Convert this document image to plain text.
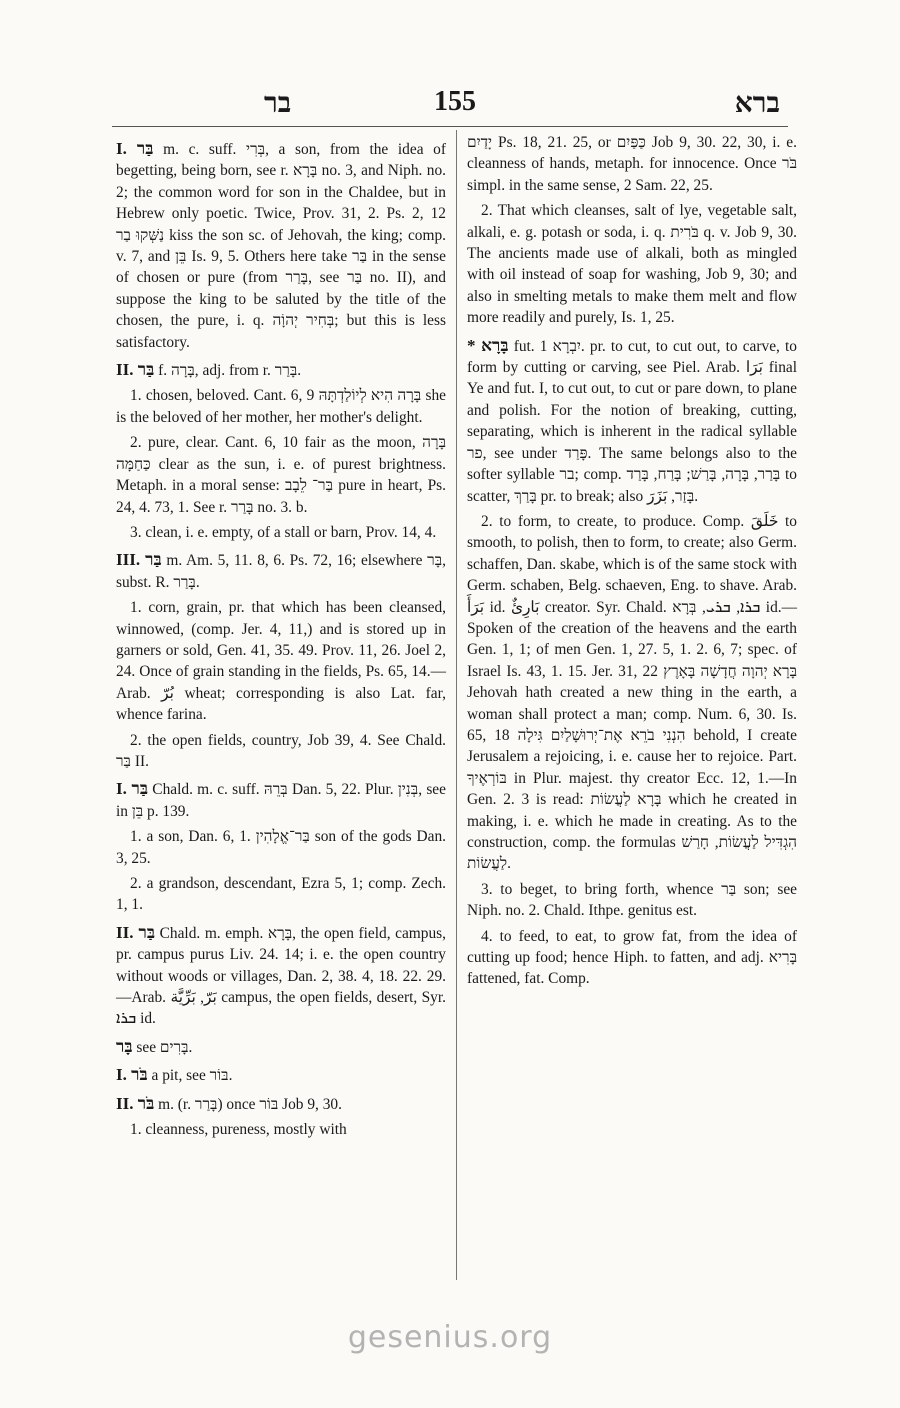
בר	155	ברא

I. בַּר m. c. suff. בְּרִי, a son, from the idea of begetting, being born, see r. בָּרָא no. 3, and Niph. no. 2; the common word for son in the Chaldee, but in Hebrew only poetic. Twice, Prov. 31, 2. Ps. 2, 12 נַשְּׁקוּ בַר kiss the son sc. of Jehovah, the king; comp. v. 7, and בֵּן Is. 9, 5. Others here take בַּר in the sense of chosen or pure (from בָּרַר, see בַּר no. II), and suppose the king to be saluted by the title of the chosen, the pure, i. q. בְּחִיר יְהוָֹה; but this is less satisfactory.

II. בַּר f. בָּרָה, adj. from r. בָּרַר.

1. chosen, beloved. Cant. 6, 9 בָּרָה הִיא לְיוֹלַדְתָּהּ she is the beloved of her mother, her mother's delight.

2. pure, clear. Cant. 6, 10 fair as the moon, בָּרָה כַּחַמָּה clear as the sun, i. e. of purest brightness. Metaph. in a moral sense: בַּר־ לֵבָב pure in heart, Ps. 24, 4. 73, 1. See r. בָּרַר no. 3. b.

3. clean, i. e. empty, of a stall or barn, Prov. 14, 4.

III. בַּר m. Am. 5, 11. 8, 6. Ps. 72, 16; elsewhere בָּר, subst. R. בָּרַר.

1. corn, grain, pr. that which has been cleansed, winnowed, (comp. Jer. 4, 11,) and is stored up in garners or sold, Gen. 41, 35. 49. Prov. 11, 26. Joel 2, 24. Once of grain standing in the fields, Ps. 65, 14.—Arab. بُرّ wheat; corresponding is also Lat. far, whence farina.

2. the open fields, country, Job 39, 4. See Chald. בַּר II.

I. בַּר Chald. m. c. suff. בְּרֵהּ Dan. 5, 22. Plur. בְּנִין, see in בֵּן p. 139.

1. a son, Dan. 6, 1. בַּר־אֱלָהִין son of the gods Dan. 3, 25.

2. a grandson, descendant, Ezra 5, 1; comp. Zech. 1, 1.

II. בַּר Chald. m. emph. בָּרָא, the open field, campus, pr. campus purus Liv. 24. 14; i. e. the open country without woods or villages, Dan. 2, 38. 4, 18. 22. 29.—Arab. بَرّ, بَرِّيَّة campus, the open fields, desert, Syr. ܒܪܐ id.

בָּר see בָּרִים.

I. בֹּר a pit, see בּוֹר.

II. בֹּר m. (r. בָּרַר) once בּוֹר Job 9, 30.

1. cleanness, pureness, mostly with

יָדַיִם Ps. 18, 21. 25, or כַּפַּיִם Job 9, 30. 22, 30, i. e. cleanness of hands, metaph. for innocence. Once בֹּר simpl. in the same sense, 2 Sam. 22, 25.

2. That which cleanses, salt of lye, vegetable salt, alkali, e. g. potash or soda, i. q. בֹּרִית q. v. Job 9, 30. The ancients made use of alkali, both as mingled with oil instead of soap for washing, Job 9, 30; and also in smelting metals to make them melt and flow more readily and purely, Is. 1, 25.

* בָּרָא fut. יִבְרָא 1. pr. to cut, to cut out, to carve, to form by cutting or carving, see Piel. Arab. بَرَا final Ye and fut. I, to cut out, to cut or pare down, to plane and polish. For the notion of breaking, cutting, separating, which is inherent in the radical syllable פר, see under פָּרַד. The same belongs also to the softer syllable בר; comp. בָּרַר, בָּרָה, בָּרַשׁ; בָּרַח, בָּרַד to scatter, בָּרַךְ pr. to break; also בָּזַר, بَزَرَ.

2. to form, to create, to produce. Comp. خَلَقَ to smooth, to polish, then to form, to create; also Germ. schaffen, Dan. skabe, which is of the same stock with Germ. schaben, Belg. schaeven, Eng. to shave. Arab. بَرَأَ id. بَارِئٌ creator. Syr. Chald. ܒܪܐ, ܒܪܝ, בְּרָא id.—Spoken of the creation of the heavens and the earth Gen. 1, 1; of men Gen. 1, 27. 5, 1. 2. 6, 7; spec. of Israel Is. 43, 1. 15. Jer. 31, 22 בָּרָא יְהוָה חֲדָשָׁה בָּאָרֶץ Jehovah hath created a new thing in the earth, a woman shall protect a man; comp. Num. 6, 30. Is. 65, 18 הִנְנִי בֹרֵא אֶת־יְרוּשָׁלַיִם גִּילָה behold, I create Jerusalem a rejoicing, i. e. cause her to rejoice. Part. בּוֹרְאֶיךָ in Plur. majest. thy creator Ecc. 12, 1.—In Gen. 2. 3 is read: בָּרָא לַעֲשׂוֹת which he created in making, i. e. which he made in creating. As to the construction, comp. the formulas הִגְדִּיל לַעֲשׂוֹת, חָרַשׁ לַעֲשׂוֹת.

3. to beget, to bring forth, whence בַּר son; see Niph. no. 2. Chald. Ithpe. genitus est.

4. to feed, to eat, to grow fat, from the idea of cutting up food; hence Hiph. to fatten, and adj. בָּרִיא fattened, fat. Comp.

gesenius.org
